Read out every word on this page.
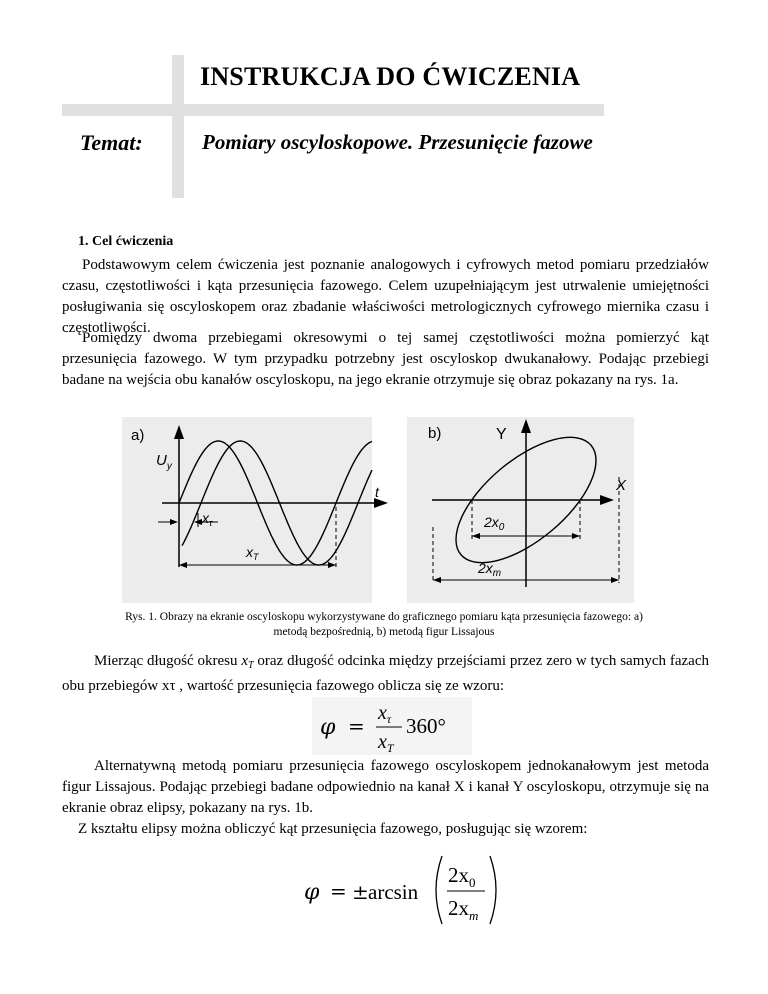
INSTRUKCJA DO ĆWICZENIA
Temat:	Pomiary oscyloskopowe. Przesunięcie fazowe
1. Cel ćwiczenia
Podstawowym celem ćwiczenia jest poznanie analogowych i cyfrowych metod pomiaru przedziałów czasu, częstotliwości i kąta przesunięcia fazowego. Celem uzupełniającym jest utrwalenie umiejętności posługiwania się oscyloskopem oraz zbadanie właściwości metrologicznych cyfrowego miernika czasu i częstotliwości.
Pomiędzy dwoma przebiegami okresowymi o tej samej częstotliwości można pomierzyć kąt przesunięcia fazowego. W tym przypadku potrzebny jest oscyloskop dwukanałowy. Podając przebiegi badane na wejścia obu kanałów oscyloskopu, na jego ekranie otrzymuje się obraz pokazany na rys. 1a.
a)
$U_y$
t
$x_\tau$
$x_T$
b)	Y
X
$2x_0$
$2x_m$
Rys. 1. Obrazy na ekranie oscyloskopu wykorzystywane do graficznego pomiaru kąta przesunięcia fazowego: a) metodą bezpośrednią, b) metodą figur Lissajous
Mierząc długość okresu $x_T$ oraz długość odcinka między przejściami przez zero w tych samych fazach obu przebiegów xτ , wartość przesunięcia fazowego oblicza się ze wzoru:
φ =
$x_\tau$
$x_T$
360°
Alternatywną metodą pomiaru przesunięcia fazowego oscyloskopem jednokanałowym jest metoda figur Lissajous. Podając przebiegi badane odpowiednio na kanał X i kanał Y oscyloskopu, otrzymuje się na ekranie obraz elipsy, pokazany na rys. 1b.
Z kształtu elipsy można obliczyć kąt przesunięcia fazowego, posługując się wzorem:
φ = ± arcsin
$2x_0$
$2x_m$
